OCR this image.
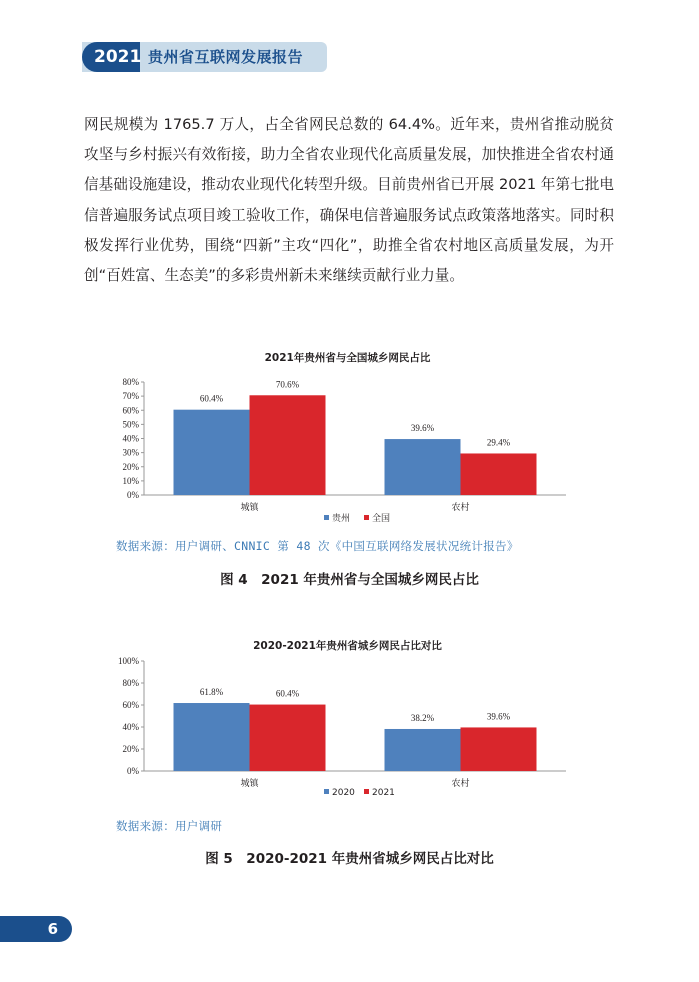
2021年
贵州省互联网发展报告

网民规模为 1765.7 万人，占全省网民总数的 64.4%。近年来，贵州省推动脱贫攻坚与乡村振兴有效衔接，助力全省农业现代化高质量发展，加快推进全省农村通信基础设施建设，推动农业现代化转型升级。目前贵州省已开展 2021 年第七批电信普遍服务试点项目竣工验收工作，确保电信普遍服务试点政策落地落实。同时积极发挥行业优势，围绕“四新”主攻“四化”，助推全省农村地区高质量发展，为开创“百姓富、生态美”的多彩贵州新未来继续贡献行业力量。

2021年贵州省与全国城乡网民占比
0%
10%
20%
30%
40%
50%
60%
70%
80%
城镇
60.4%
70.6%
农村
39.6%
29.4%
贵州 全国
数据来源：用户调研、CNNIC 第 48 次《中国互联网络发展状况统计报告》
图 4　2021 年贵州省与全国城乡网民占比
2020-2021年贵州省城乡网民占比对比
0%
20%
40%
60%
80%
100%
城镇
61.8%	60.4%
农村
38.2%	39.6%
2020 2021
数据来源：用户调研
图 5　2020-2021 年贵州省城乡网民占比对比
6
